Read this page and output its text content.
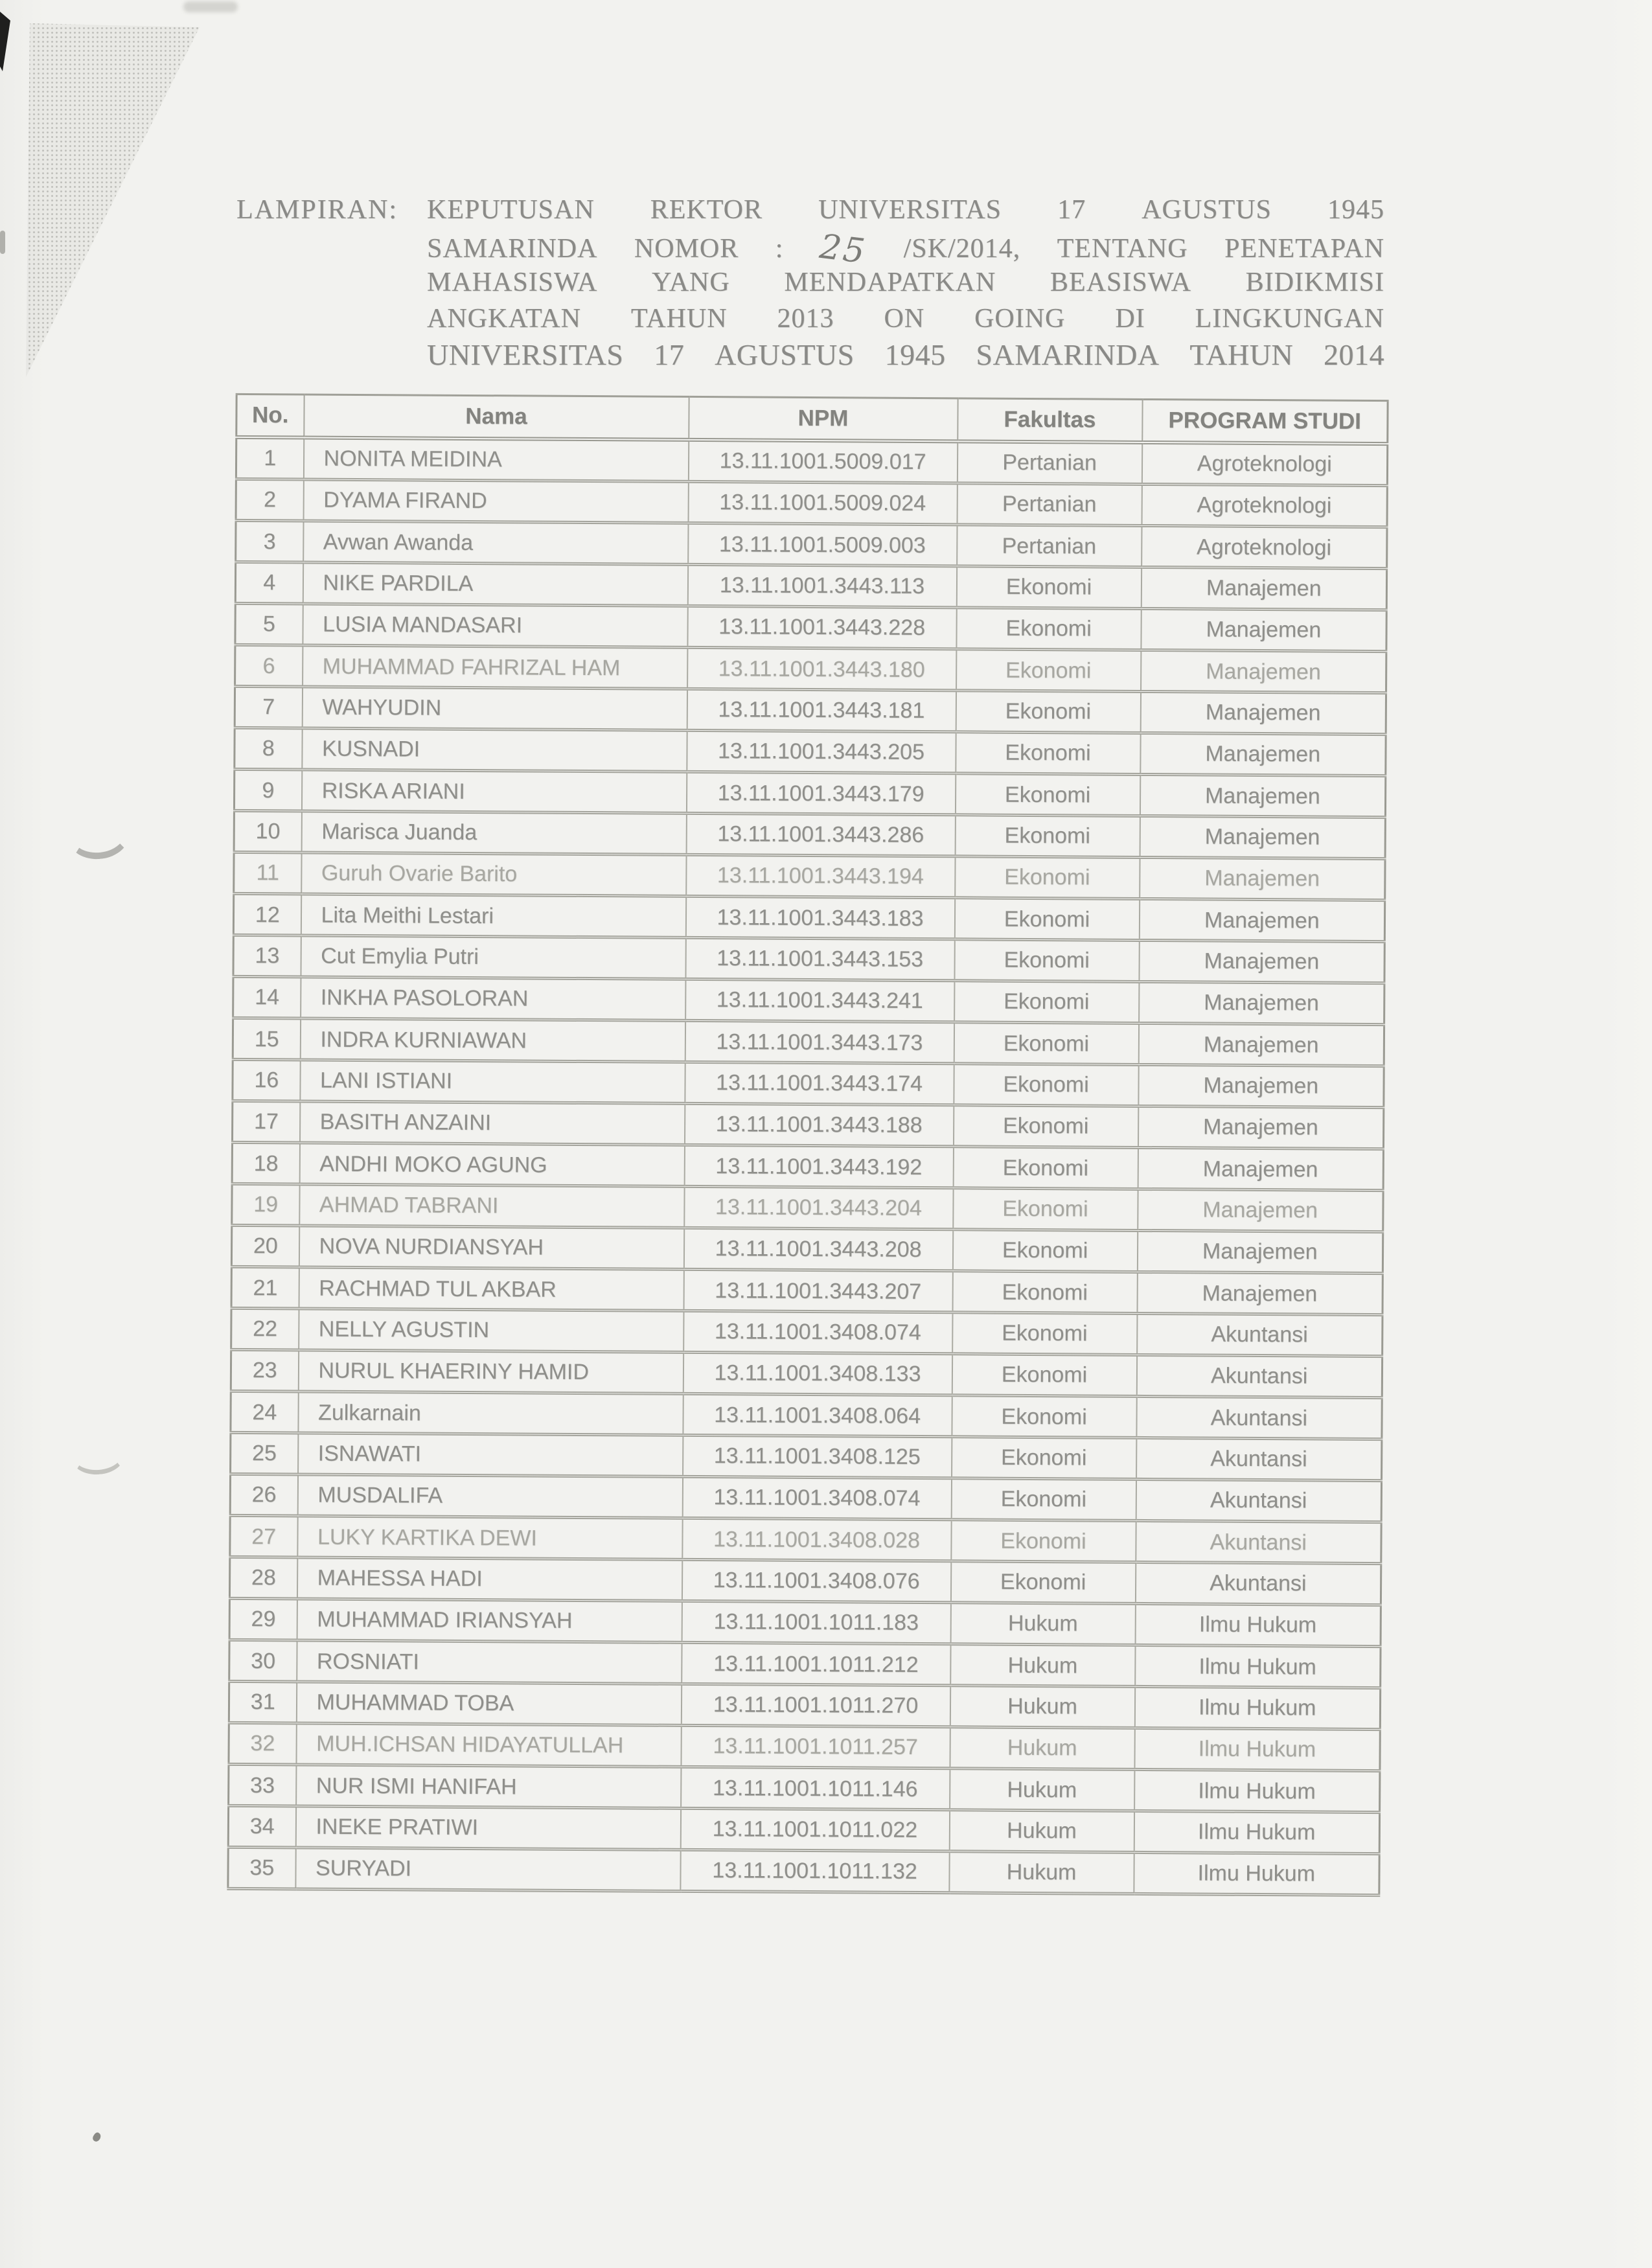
LAMPIRAN: KEPUTUSAN REKTOR UNIVERSITAS 17 AGUSTUS 1945
SAMARINDA NOMOR : 25 /SK/2014, TENTANG PENETAPAN
MAHASISWA YANG MENDAPATKAN BEASISWA BIDIKMISI
ANGKATAN TAHUN 2013 ON GOING DI LINGKUNGAN
UNIVERSITAS 17 AGUSTUS 1945 SAMARINDA TAHUN 2014
No.	Nama	NPM	Fakultas	PROGRAM STUDI
1	NONITA MEIDINA	13.11.1001.5009.017	Pertanian	Agroteknologi
2	DYAMA FIRAND	13.11.1001.5009.024	Pertanian	Agroteknologi
3	Avwan Awanda	13.11.1001.5009.003	Pertanian	Agroteknologi
4	NIKE PARDILA	13.11.1001.3443.113	Ekonomi	Manajemen
5	LUSIA MANDASARI	13.11.1001.3443.228	Ekonomi	Manajemen
6	MUHAMMAD FAHRIZAL HAM	13.11.1001.3443.180	Ekonomi	Manajemen
7	WAHYUDIN	13.11.1001.3443.181	Ekonomi	Manajemen
8	KUSNADI	13.11.1001.3443.205	Ekonomi	Manajemen
9	RISKA ARIANI	13.11.1001.3443.179	Ekonomi	Manajemen
10	Marisca Juanda	13.11.1001.3443.286	Ekonomi	Manajemen
11	Guruh Ovarie Barito	13.11.1001.3443.194	Ekonomi	Manajemen
12	Lita Meithi Lestari	13.11.1001.3443.183	Ekonomi	Manajemen
13	Cut Emylia Putri	13.11.1001.3443.153	Ekonomi	Manajemen
14	INKHA PASOLORAN	13.11.1001.3443.241	Ekonomi	Manajemen
15	INDRA KURNIAWAN	13.11.1001.3443.173	Ekonomi	Manajemen
16	LANI ISTIANI	13.11.1001.3443.174	Ekonomi	Manajemen
17	BASITH ANZAINI	13.11.1001.3443.188	Ekonomi	Manajemen
18	ANDHI MOKO AGUNG	13.11.1001.3443.192	Ekonomi	Manajemen
19	AHMAD TABRANI	13.11.1001.3443.204	Ekonomi	Manajemen
20	NOVA NURDIANSYAH	13.11.1001.3443.208	Ekonomi	Manajemen
21	RACHMAD TUL AKBAR	13.11.1001.3443.207	Ekonomi	Manajemen
22	NELLY AGUSTIN	13.11.1001.3408.074	Ekonomi	Akuntansi
23	NURUL KHAERINY HAMID	13.11.1001.3408.133	Ekonomi	Akuntansi
24	Zulkarnain	13.11.1001.3408.064	Ekonomi	Akuntansi
25	ISNAWATI	13.11.1001.3408.125	Ekonomi	Akuntansi
26	MUSDALIFA	13.11.1001.3408.074	Ekonomi	Akuntansi
27	LUKY KARTIKA DEWI	13.11.1001.3408.028	Ekonomi	Akuntansi
28	MAHESSA HADI	13.11.1001.3408.076	Ekonomi	Akuntansi
29	MUHAMMAD IRIANSYAH	13.11.1001.1011.183	Hukum	Ilmu Hukum
30	ROSNIATI	13.11.1001.1011.212	Hukum	Ilmu Hukum
31	MUHAMMAD TOBA	13.11.1001.1011.270	Hukum	Ilmu Hukum
32	MUH.ICHSAN HIDAYATULLAH	13.11.1001.1011.257	Hukum	Ilmu Hukum
33	NUR ISMI HANIFAH	13.11.1001.1011.146	Hukum	Ilmu Hukum
34	INEKE PRATIWI	13.11.1001.1011.022	Hukum	Ilmu Hukum
35	SURYADI	13.11.1001.1011.132	Hukum	Ilmu Hukum
